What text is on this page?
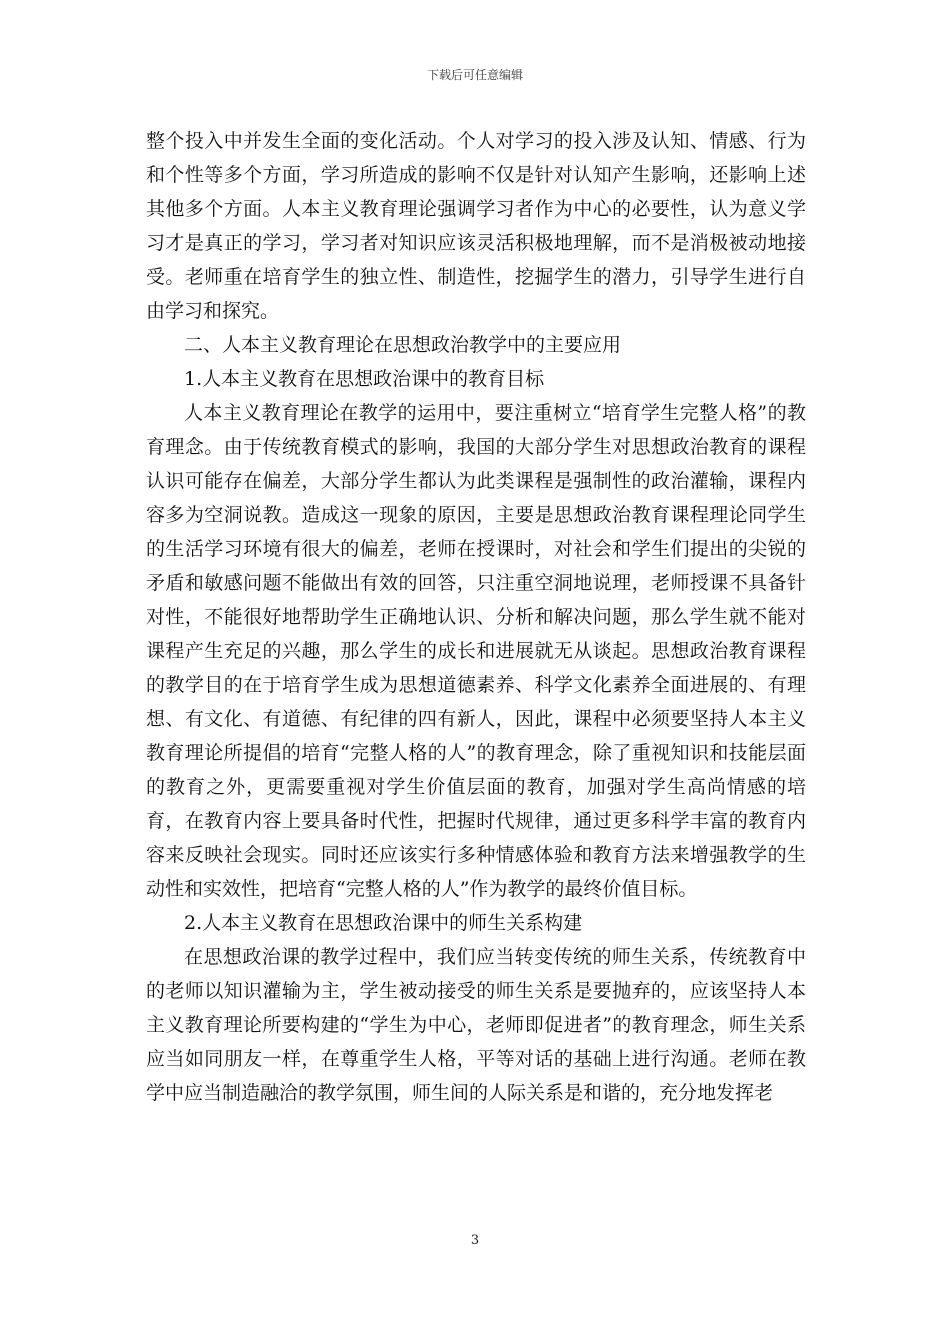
下载后可任意编辑

整个投入中并发生全面的变化活动。个人对学习的投入涉及认知、情感、行为和个性等多个方面，学习所造成的影响不仅是针对认知产生影响，还影响上述其他多个方面。人本主义教育理论强调学习者作为中心的必要性，认为意义学习才是真正的学习，学习者对知识应该灵活积极地理解，而不是消极被动地接受。老师重在培育学生的独立性、制造性，挖掘学生的潜力，引导学生进行自由学习和探究。

二、人本主义教育理论在思想政治教学中的主要应用

1.人本主义教育在思想政治课中的教育目标

人本主义教育理论在教学的运用中，要注重树立“培育学生完整人格”的教育理念。由于传统教育模式的影响，我国的大部分学生对思想政治教育的课程认识可能存在偏差，大部分学生都认为此类课程是强制性的政治灌输，课程内容多为空洞说教。造成这一现象的原因，主要是思想政治教育课程理论同学生的生活学习环境有很大的偏差，老师在授课时，对社会和学生们提出的尖锐的矛盾和敏感问题不能做出有效的回答，只注重空洞地说理，老师授课不具备针对性，不能很好地帮助学生正确地认识、分析和解决问题，那么学生就不能对课程产生充足的兴趣，那么学生的成长和进展就无从谈起。思想政治教育课程的教学目的在于培育学生成为思想道德素养、科学文化素养全面进展的、有理想、有文化、有道德、有纪律的四有新人，因此，课程中必须要坚持人本主义教育理论所提倡的培育“完整人格的人”的教育理念，除了重视知识和技能层面的教育之外，更需要重视对学生价值层面的教育，加强对学生高尚情感的培育，在教育内容上要具备时代性，把握时代规律，通过更多科学丰富的教育内容来反映社会现实。同时还应该实行多种情感体验和教育方法来增强教学的生动性和实效性，把培育“完整人格的人”作为教学的最终价值目标。

2.人本主义教育在思想政治课中的师生关系构建

在思想政治课的教学过程中，我们应当转变传统的师生关系，传统教育中的老师以知识灌输为主，学生被动接受的师生关系是要抛弃的，应该坚持人本主义教育理论所要构建的“学生为中心，老师即促进者”的教育理念，师生关系应当如同朋友一样，在尊重学生人格，平等对话的基础上进行沟通。老师在教学中应当制造融洽的教学氛围，师生间的人际关系是和谐的，充分地发挥老

3
